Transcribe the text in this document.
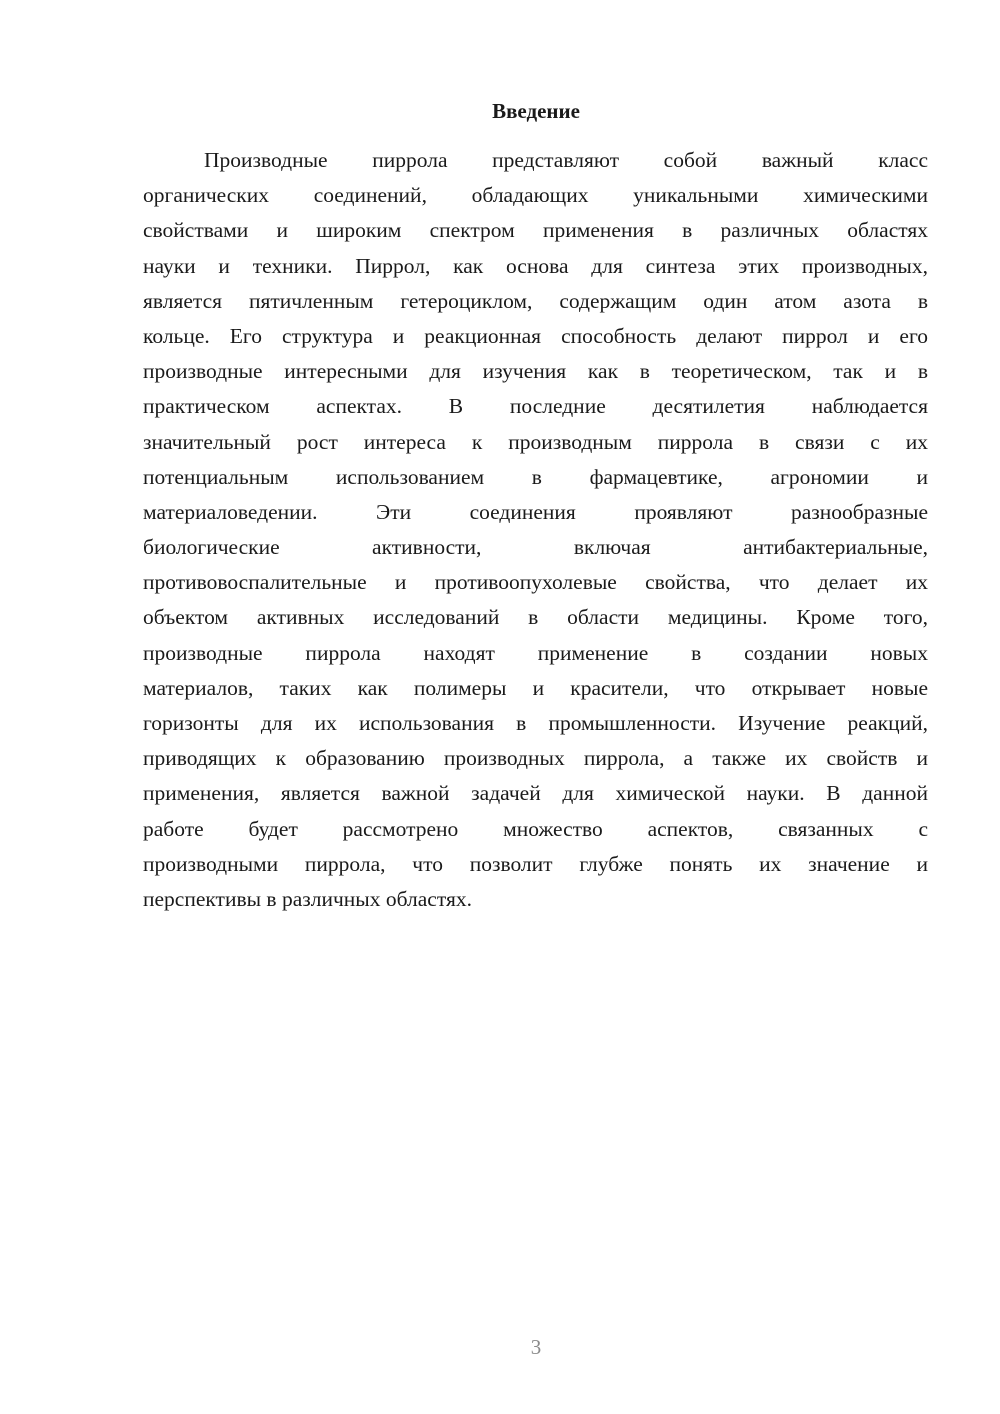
Введение
Производные пиррола представляют собой важный класс
органических соединений, обладающих уникальными химическими
свойствами и широким спектром применения в различных областях
науки и техники. Пиррол, как основа для синтеза этих производных,
является пятичленным гетероциклом, содержащим один атом азота в
кольце. Его структура и реакционная способность делают пиррол и его
производные интересными для изучения как в теоретическом, так и в
практическом аспектах. В последние десятилетия наблюдается
значительный рост интереса к производным пиррола в связи с их
потенциальным использованием в фармацевтике, агрономии и
материаловедении. Эти соединения проявляют разнообразные
биологические активности, включая антибактериальные,
противовоспалительные и противоопухолевые свойства, что делает их
объектом активных исследований в области медицины. Кроме того,
производные пиррола находят применение в создании новых
материалов, таких как полимеры и красители, что открывает новые
горизонты для их использования в промышленности. Изучение реакций,
приводящих к образованию производных пиррола, а также их свойств и
применения, является важной задачей для химической науки. В данной
работе будет рассмотрено множество аспектов, связанных с
производными пиррола, что позволит глубже понять их значение и
перспективы в различных областях.
3
